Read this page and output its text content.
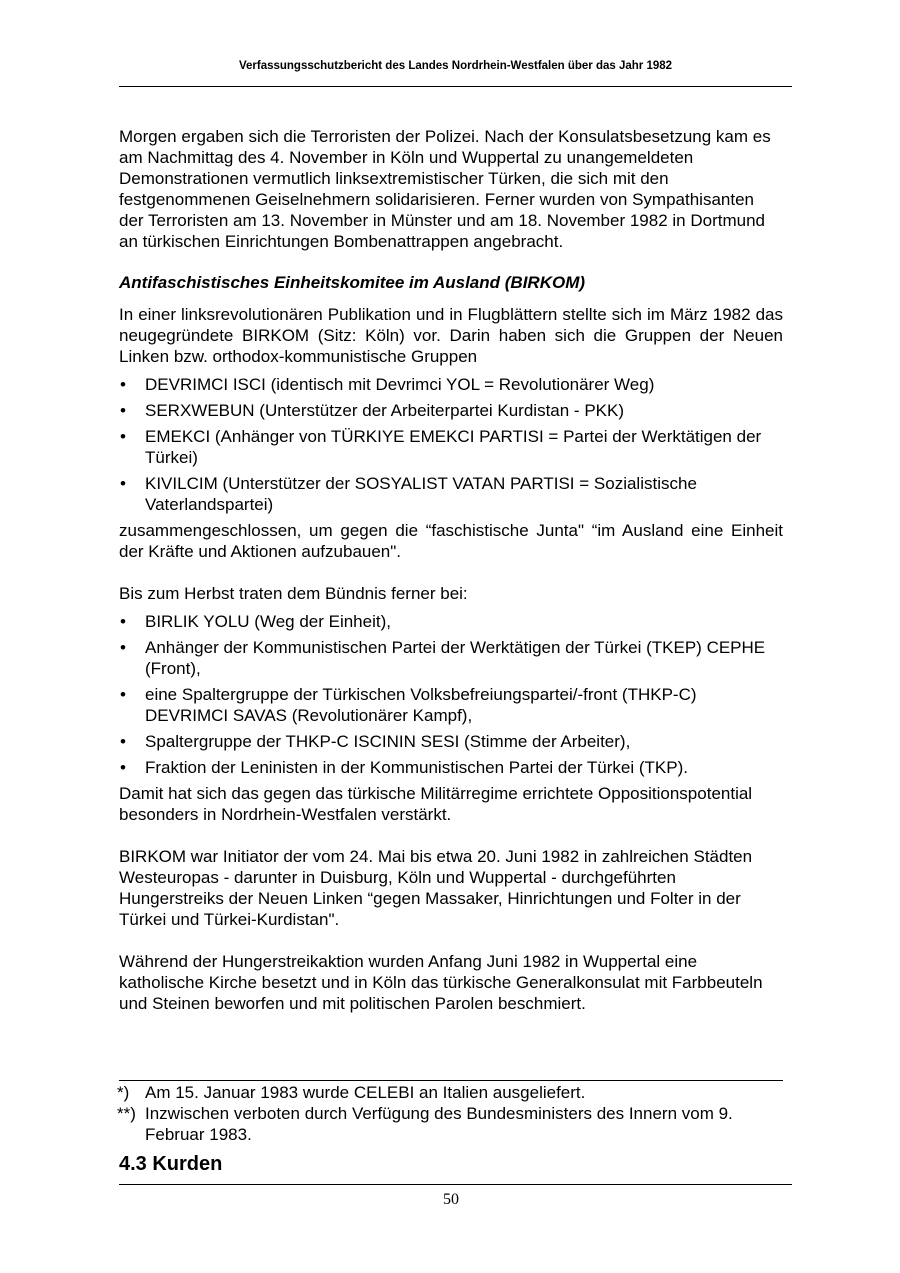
Verfassungsschutzbericht des Landes Nordrhein-Westfalen über das Jahr 1982

Morgen ergaben sich die Terroristen der Polizei. Nach der Konsulatsbesetzung kam es am Nachmittag des 4. November in Köln und Wuppertal zu unangemeldeten Demonstrationen vermutlich linksextremistischer Türken, die sich mit den festgenommenen Geiselnehmern solidarisieren. Ferner wurden von Sympathisanten der Terroristen am 13. November in Münster und am 18. November 1982 in Dortmund an türkischen Einrichtungen Bombenattrappen angebracht.

Antifaschistisches Einheitskomitee im Ausland (BIRKOM)

In einer linksrevolutionären Publikation und in Flugblättern stellte sich im März 1982 das neugegründete BIRKOM (Sitz: Köln) vor. Darin haben sich die Gruppen der Neuen Linken bzw. orthodox-kommunistische Gruppen

• DEVRIMCI ISCI (identisch mit Devrimci YOL = Revolutionärer Weg)
• SERXWEBUN (Unterstützer der Arbeiterpartei Kurdistan - PKK)
• EMEKCI (Anhänger von TÜRKIYE EMEKCI PARTISI = Partei der Werktätigen der Türkei)
• KIVILCIM (Unterstützer der SOSYALIST VATAN PARTISI = Sozialistische Vaterlandspartei)

zusammengeschlossen, um gegen die “faschistische Junta" “im Ausland eine Einheit der Kräfte und Aktionen aufzubauen".

Bis zum Herbst traten dem Bündnis ferner bei:

• BIRLIK YOLU (Weg der Einheit),
• Anhänger der Kommunistischen Partei der Werktätigen der Türkei (TKEP) CEPHE (Front),
• eine Spaltergruppe der Türkischen Volksbefreiungspartei/-front (THKP-C) DEVRIMCI SAVAS (Revolutionärer Kampf),
• Spaltergruppe der THKP-C ISCININ SESI (Stimme der Arbeiter),
• Fraktion der Leninisten in der Kommunistischen Partei der Türkei (TKP).

Damit hat sich das gegen das türkische Militärregime errichtete Oppositionspotential besonders in Nordrhein-Westfalen verstärkt.

BIRKOM war Initiator der vom 24. Mai bis etwa 20. Juni 1982 in zahlreichen Städten Westeuropas - darunter in Duisburg, Köln und Wuppertal - durchgeführten Hungerstreiks der Neuen Linken “gegen Massaker, Hinrichtungen und Folter in der Türkei und Türkei-Kurdistan".

Während der Hungerstreikaktion wurden Anfang Juni 1982 in Wuppertal eine katholische Kirche besetzt und in Köln das türkische Generalkonsulat mit Farbbeuteln und Steinen beworfen und mit politischen Parolen beschmiert.

*) Am 15. Januar 1983 wurde CELEBI an Italien ausgeliefert.
**) Inzwischen verboten durch Verfügung des Bundesministers des Innern vom 9. Februar 1983.
4.3 Kurden
50
